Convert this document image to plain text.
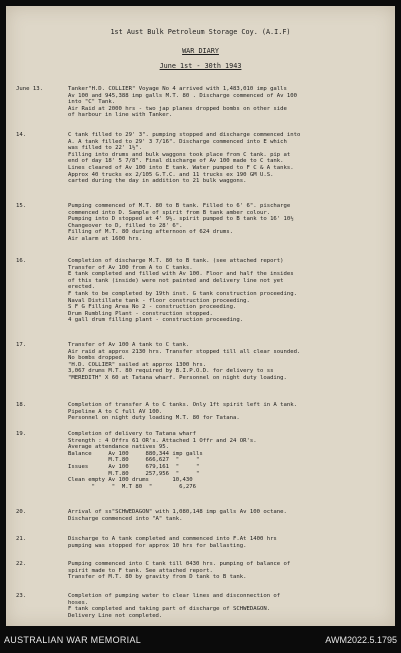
1st Aust Bulk Petroleum Storage Coy. (A.I.F)
WAR DIARY
June 1st - 30th 1943
June 13.	Tanker"H.D. COLLIER" Voyage No 4 arrived with 1,483,010 imp galls
Av 100 and 945,388 imp galls M.T. 80 . Discharge commenced of Av 100
into "C" Tank.
Air Raid at 2000 hrs - two jap planes dropped bombs on other side
of harbour in line with Tanker.
14.	C tank filled to 29' 3". pumping stopped and discharge commenced into
A. A tank filled to 29' 3 7/16". Discharge commenced into E which
was filled to 22' 1½".
Filling into drums and bulk waggons took place from C tank. pip at
end of day 18' 5 7/8". Final discharge of Av 100 made to C tank.
Lines cleared of Av 100 into E tank. Water pumped to F C & A tanks.
Approx 40 trucks ex 2/105 G.T.C. and 11 trucks ex 190 GM U.S.
carted during the day in addition to 21 bulk waggons.
15.	Pumping commenced of M.T. 80 to B tank. Filled to 6' 6". pischarge
commenced into D. Sample of spirit from B tank amber colour.
Pumping into D stopped at 4' 9½. spirit pumped to B tank to 16' 10½
Changeover to D, filled to 28' 6".
Filling of M.T. 80 during afternoon of 624 drums.
Air alarm at 1600 hrs.
16.	Completion of discharge M.T. 80 to B tank. (see attached report)
Transfer of Av 100 from A to C tanks.
E tank completed and filled with Av 100. Floor and half the insides
of this tank (inside) were not painted and delivery line not yet
erected.
F tank to be completed by 19th inst. G tank construction proceeding.
Naval Distillate tank - floor construction proceeding.
S F G Filling Area No 2 - construction proceeding.
Drum Rumbling Plant - construction stopped.
4 gall drum filling plant - construction proceeding.
17.	Transfer of Av 100 A tank to C tank.
Air raid at approx 2130 hrs. Transfer stopped till all clear sounded.
No bombs dropped.
"H.D. COLLIER" sailed at approx 1300 hrs.
3,067 drums M.T. 80 required by B.I.P.O.D. for delivery to ss
"MEREDITH" X 60 at Tatana wharf. Personnel on night duty loading.
18.	Completion of transfer A to C tanks. Only 1ft spirit left in A tank.
Pipeline A to C full AV 100.
Personnel on night duty loading M.T. 80 for Tatana.
19.	Completion of delivery to Tatana wharf
Strength : 4 Offrs 61 OR's. Attached 1 Offr and 24 OR's.
Average attendance natives 95.
Balance     Av 100     880,344 imp galls
M.T.80     666,627  "     "
Issues      Av 100     679,161  "     "
M.T.80     257,956  "     "
Clean empty Av 100 drums       10,430
"     "  M.T 80  "        6,276
20.	Arrival of ss"SCHWEDAGON" with 1,080,148 imp galls Av 100 octane.
Discharge commenced into "A" tank.
21.	Discharge to A tank completed and commenced into F.At 1400 hrs
pumping was stopped for approx 10 hrs for ballasting.
22.	Pumping commenced into C tank till 0430 hrs. pumping of balance of
spirit made to F tank. See attached report.
Transfer of M.T. 80 by gravity from D tank to B tank.
23.	Completion of pumping water to clear lines and disconnection of
hoses.
F tank completed and taking part of discharge of SCHWEDAGON.
Delivery Line not completed.
AUSTRALIAN WAR MEMORIAL	AWM2022.5.1795
